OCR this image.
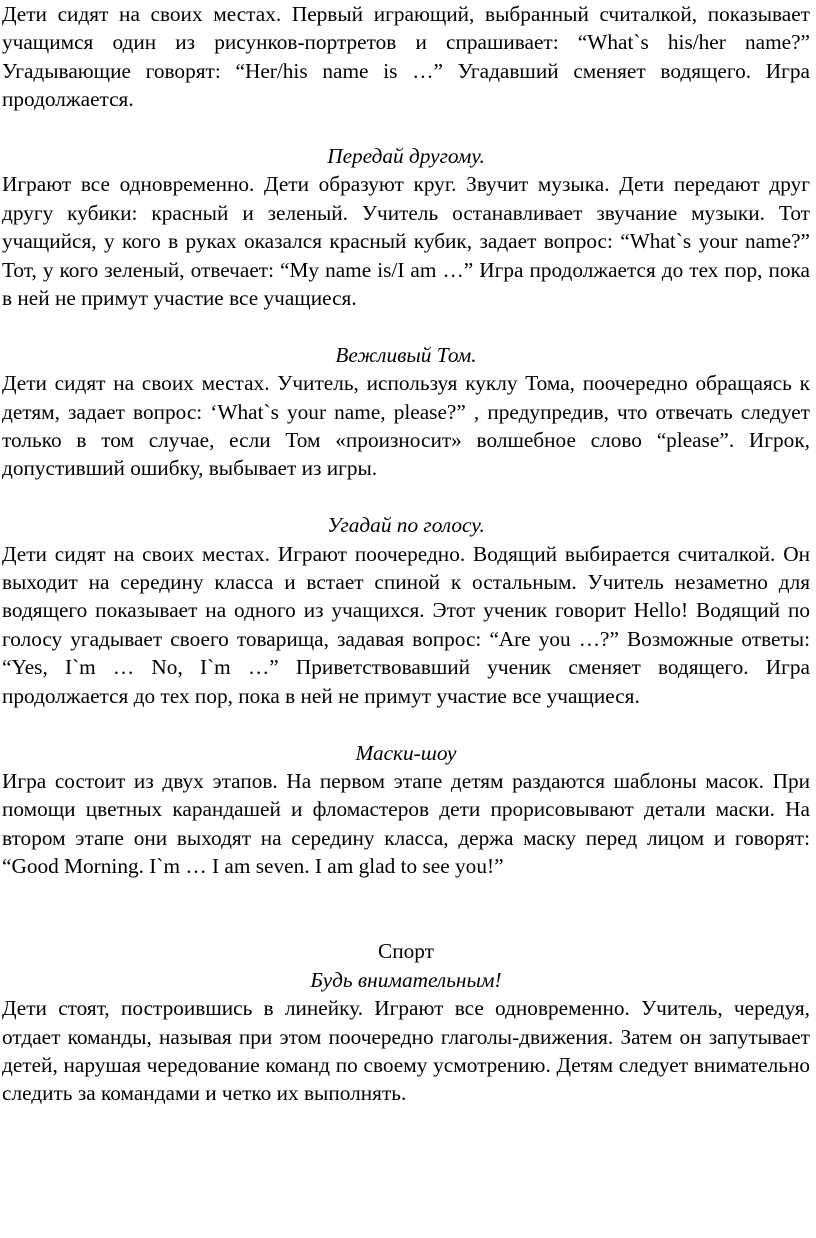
Дети сидят на своих местах. Первый играющий, выбранный считалкой, показывает учащимся один из рисунков-портретов и спрашивает: “What`s his/her name?” Угадывающие говорят: “Her/his name is …” Угадавший сменяет водящего. Игра продолжается.

Передай другому.

Играют все одновременно. Дети образуют круг. Звучит музыка. Дети передают друг другу кубики: красный и зеленый. Учитель останавливает звучание музыки. Тот учащийся, у кого в руках оказался красный кубик, задает вопрос: “What`s your name?” Тот, у кого зеленый, отвечает: “My name is/I am …” Игра продолжается до тех пор, пока в ней не примут участие все учащиеся.

Вежливый Том.

Дети сидят на своих местах. Учитель, используя куклу Тома, поочередно обращаясь к детям, задает вопрос: ‘What`s your name, please?” , предупредив, что отвечать следует только в том случае, если Том «произносит» волшебное слово “please”. Игрок, допустивший ошибку, выбывает из игры.

Угадай по голосу.

Дети сидят на своих местах. Играют поочередно. Водящий выбирается считалкой. Он выходит на середину класса и встает спиной к остальным. Учитель незаметно для водящего показывает на одного из учащихся. Этот ученик говорит Hello! Водящий по голосу угадывает своего товарища, задавая вопрос: “Are you …?” Возможные ответы: “Yes, I`m … No, I`m …” Приветствовавший ученик сменяет водящего. Игра продолжается до тех пор, пока в ней не примут участие все учащиеся.

Маски-шоу

Игра состоит из двух этапов. На первом этапе детям раздаются шаблоны масок. При помощи цветных карандашей и фломастеров дети прорисовывают детали маски. На втором этапе они выходят на середину класса, держа маску перед лицом и говорят: “Good Morning. I`m … I am seven. I am glad to see you!”

Спорт

Будь внимательным!

Дети стоят, построившись в линейку. Играют все одновременно. Учитель, чередуя, отдает команды, называя при этом поочередно глаголы-движения. Затем он запутывает детей, нарушая чередование команд по своему усмотрению. Детям следует внимательно следить за командами и четко их выполнять.
